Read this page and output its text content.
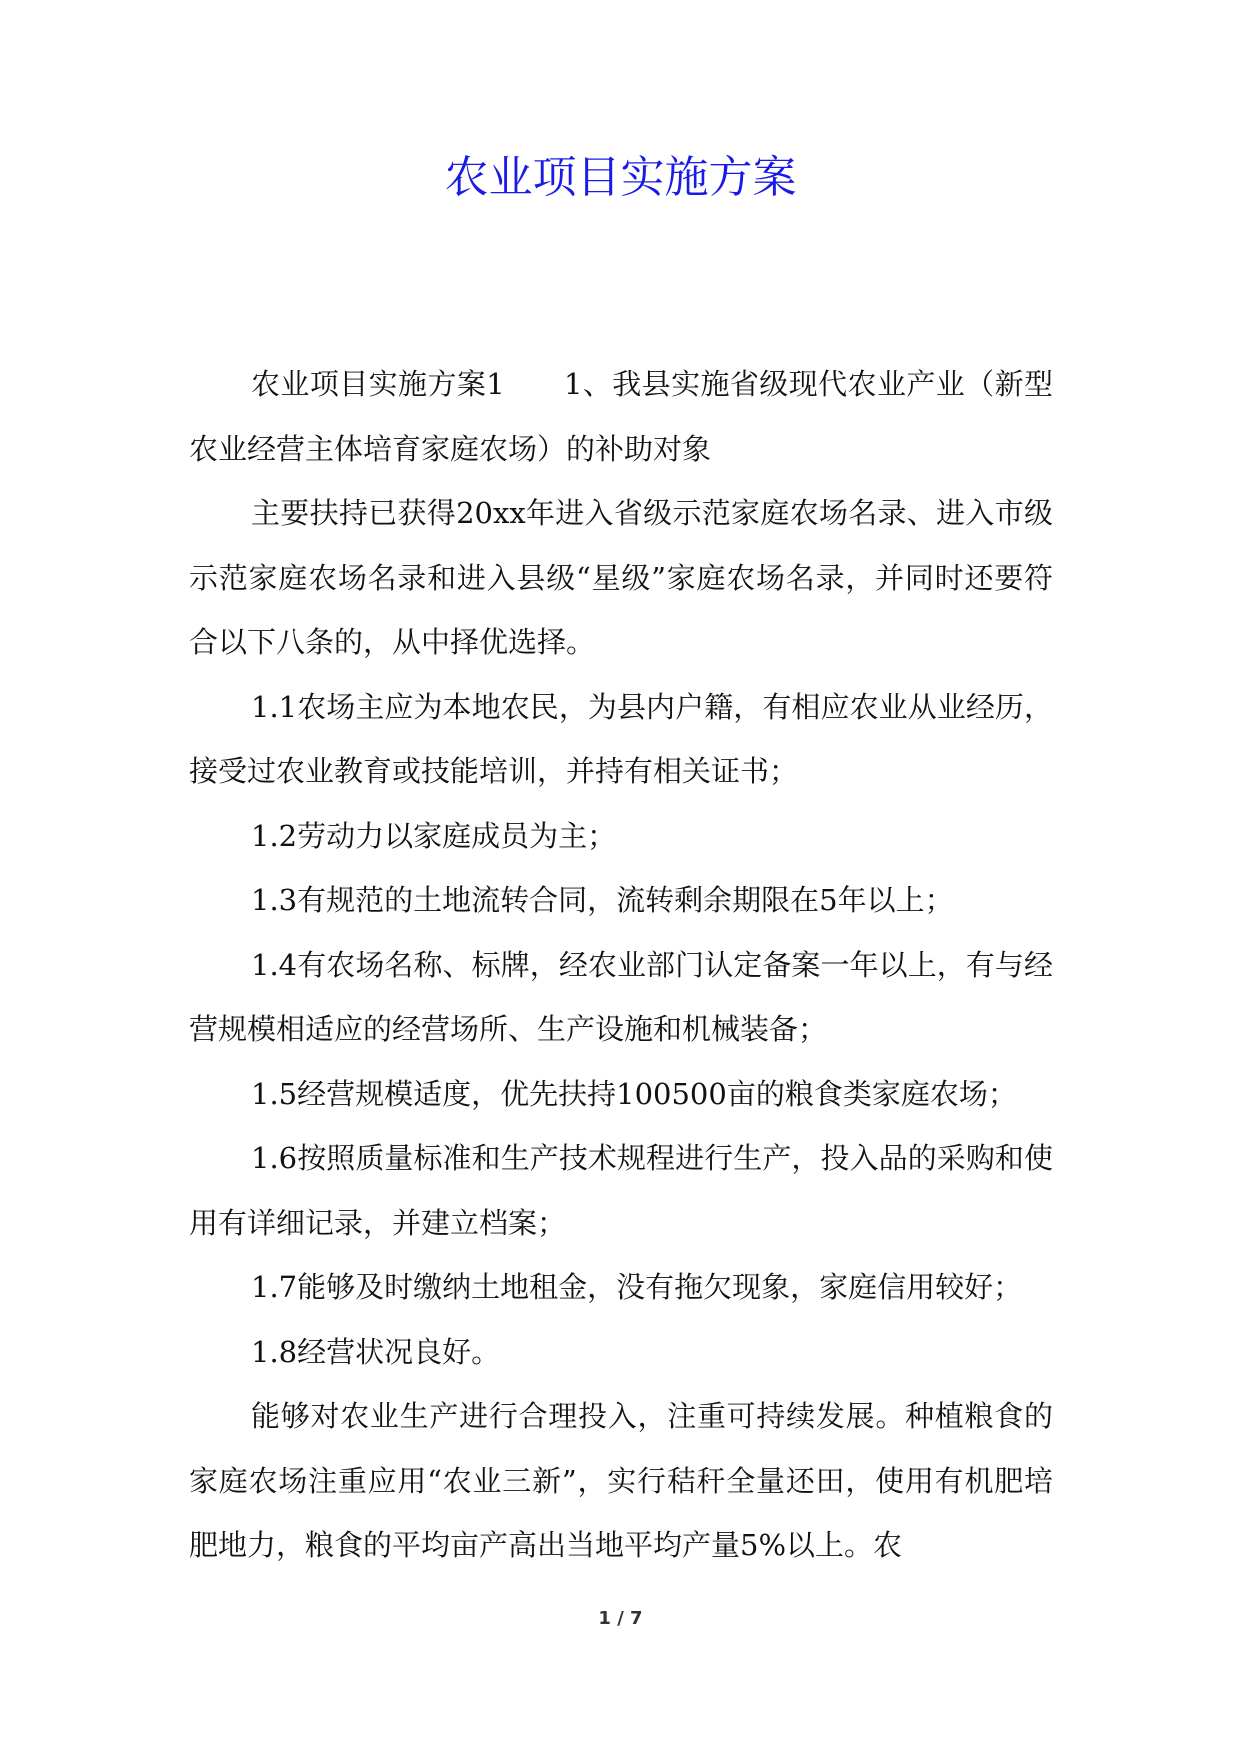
农业项目实施方案

农业项目实施方案1　　1、我县实施省级现代农业产业（新型农业经营主体培育家庭农场）的补助对象

主要扶持已获得20xx年进入省级示范家庭农场名录、进入市级示范家庭农场名录和进入县级“星级”家庭农场名录，并同时还要符合以下八条的，从中择优选择。

1.1农场主应为本地农民，为县内户籍，有相应农业从业经历，接受过农业教育或技能培训，并持有相关证书；

1.2劳动力以家庭成员为主；

1.3有规范的土地流转合同，流转剩余期限在5年以上；

1.4有农场名称、标牌，经农业部门认定备案一年以上，有与经营规模相适应的经营场所、生产设施和机械装备；

1.5经营规模适度，优先扶持100500亩的粮食类家庭农场；

1.6按照质量标准和生产技术规程进行生产，投入品的采购和使用有详细记录，并建立档案；

1.7能够及时缴纳土地租金，没有拖欠现象，家庭信用较好；

1.8经营状况良好。

能够对农业生产进行合理投入，注重可持续发展。种植粮食的家庭农场注重应用“农业三新”，实行秸秆全量还田，使用有机肥培肥地力，粮食的平均亩产高出当地平均产量5%以上。农

1 / 7
